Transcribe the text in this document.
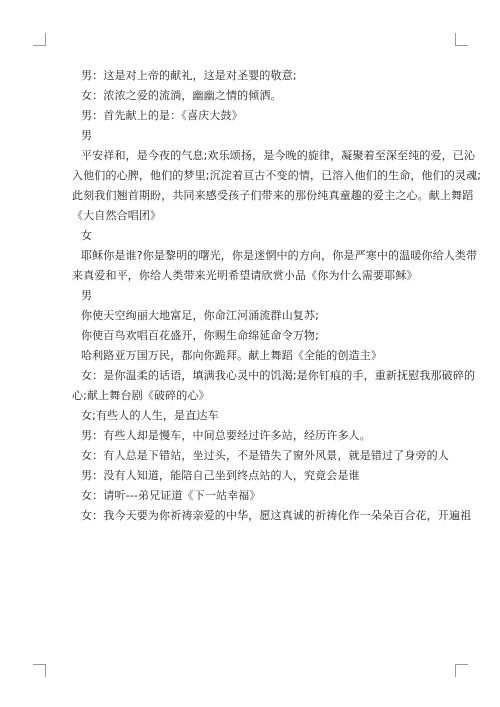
男：这是对上帝的献礼，这是对圣婴的敬意;
女：浓浓之爱的流淌，幽幽之情的倾洒。
男：首先献上的是：《喜庆大鼓》
男
平安祥和，是今夜的气息;欢乐颂扬，是今晚的旋律，凝聚着至深至纯的爱，已沁
入他们的心脾，他们的梦里;沉淀着亘古不变的情，已溶入他们的生命，他们的灵魂;
此刻我们翘首期盼，共同来感受孩子们带来的那份纯真童趣的爱主之心。献上舞蹈
《大自然合唱团》
女
耶稣你是谁?你是黎明的曙光，你是迷惘中的方向，你是严寒中的温暖你给人类带
来真爱和平，你给人类带来光明希望请欣赏小品《你为什么需要耶稣》
男
你使天空绚丽大地富足，你命江河涌流群山复苏;
你使百鸟欢唱百花盛开，你赐生命绵延命令万物;
哈利路亚万国万民，都向你跪拜。献上舞蹈《全能的创造主》
女：是你温柔的话语，填满我心灵中的饥渴;是你钉痕的手，重新抚慰我那破碎的
心;献上舞台剧《破碎的心》
女;有些人的人生，是直达车
男：有些人却是慢车，中间总要经过许多站，经历许多人。
女：有人总是下错站，坐过头，不是错失了窗外风景，就是错过了身旁的人
男：没有人知道，能陪自己坐到终点站的人，究竟会是谁
女：请听---弟兄证道《下一站幸福》
女：我今天要为你祈祷亲爱的中华，愿这真诚的祈祷化作一朵朵百合花，开遍祖
